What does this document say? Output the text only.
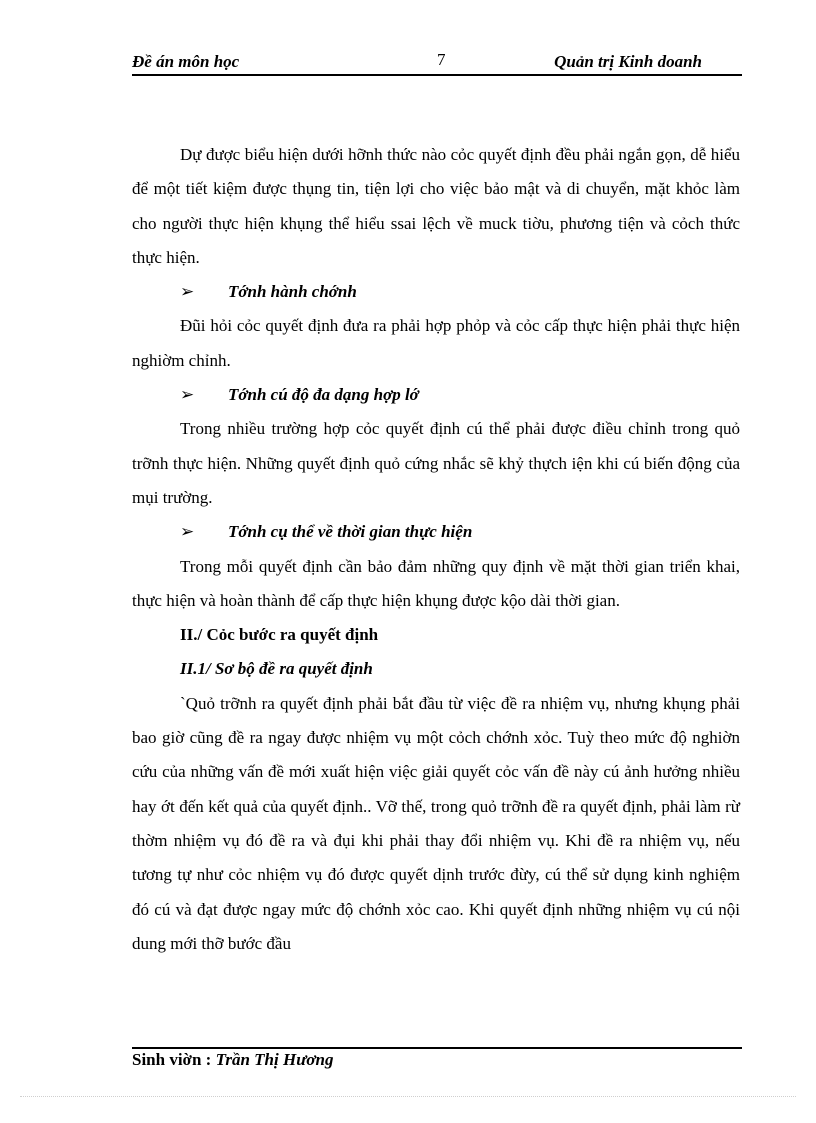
Đề án môn học	7	Quản trị Kinh doanh

Dự được biểu hiện dưới hỡnh thức nào cỏc quyết định đều phải ngắn gọn, dễ hiểu để một tiết kiệm được thụng tin, tiện lợi cho việc bảo mật và di chuyển, mặt khỏc làm cho người thực hiện khụng thể hiểu ssai lệch về muck tiờu, phương tiện và cỏch thức thực hiện.

➢ Tớnh hành chớnh

Đũi hỏi cỏc quyết định đưa ra phải hợp phỏp và cỏc cấp thực hiện phải thực hiện nghiờm chỉnh.

➢ Tớnh cú độ đa dạng hợp lớ

Trong nhiều trường hợp cỏc quyết định cú thể phải được điều chỉnh trong quỏ trỡnh thực hiện. Những quyết định quỏ cứng nhắc sẽ khỷ thựch iện khi cú biến động của mụi trường.

➢ Tớnh cụ thể về thời gian thực hiện

Trong mỗi quyết định cần bảo đảm những quy định về mặt thời gian triển khai, thực hiện và hoàn thành để cấp thực hiện khụng được kộo dài thời gian.

II./ Cỏc bước ra quyết định

II.1/ Sơ bộ đề ra quyết định

`Quỏ trỡnh ra quyết định phải bắt đầu từ việc đề ra nhiệm vụ, nhưng khụng phải bao giờ cũng đề ra ngay được nhiệm vụ một cỏch chớnh xỏc. Tuỳ theo mức độ nghiờn cứu của những vấn đề mới xuất hiện việc giải quyết cỏc vấn đề này cú ảnh hưởng nhiều hay ớt đến kết quả của quyết định.. Vỡ thế, trong quỏ trỡnh đề ra quyết định, phải làm rừ thờm nhiệm vụ đó đề ra và đụi khi phải thay đổi nhiệm vụ. Khi đề ra nhiệm vụ, nếu tương tự như cỏc nhiệm vụ đó được quyết dịnh trước đừy, cú thể sử dụng kinh nghiệm đó cú và đạt được ngay mức độ chớnh xỏc cao. Khi quyết định những nhiệm vụ cú nội dung mới thỡ bước đầu

Sinh viờn : Trần Thị Hương
